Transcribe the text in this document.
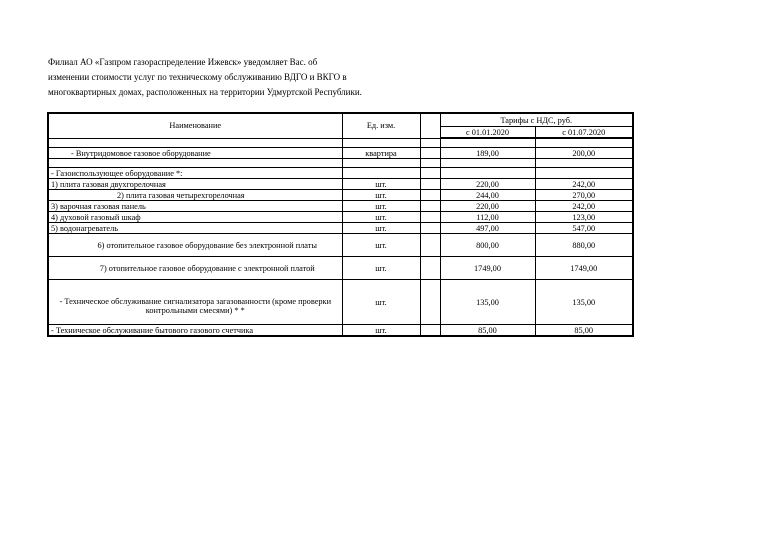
Филиал АО «Газпром газораспределение Ижевск» уведомляет Вас. об
изменении стоимости услуг по техническому обслуживанию ВДГО и ВКГО в
многоквартирных домах, расположенных на территории Удмуртской Республики.
Наименование	Ед. изм.		Тарифы с НДС, руб.	
			с 01.01.2020	с 01.07.2020

- Внутридомовое газовое оборудование	квартира		189,00	200,00

- Газоиспользующее оборудование *:				
1) плита газовая двухгорелочная	шт.		220,00	242,00
2) плита газовая четырехгорелочная	шт.		244,00	270,00
3) варочная газовая панель	шт.		220,00	242,00
4) духовой газовый шкаф	шт.		112,00	123,00
5) водонагреватель	шт.		497,00	547,00
6) отопительное газовое оборудование без электронной платы	шт.		800,00	880,00
7) отопительное газовое оборудование с электронной платой	шт.		1749,00	1749,00
- Техническое обслуживание сигнализатора загазованности (кроме проверки контрольными смесями) * *	шт.		135,00	135,00
- Техническое обслуживание бытового газового счетчика	шт.		85,00	85,00
